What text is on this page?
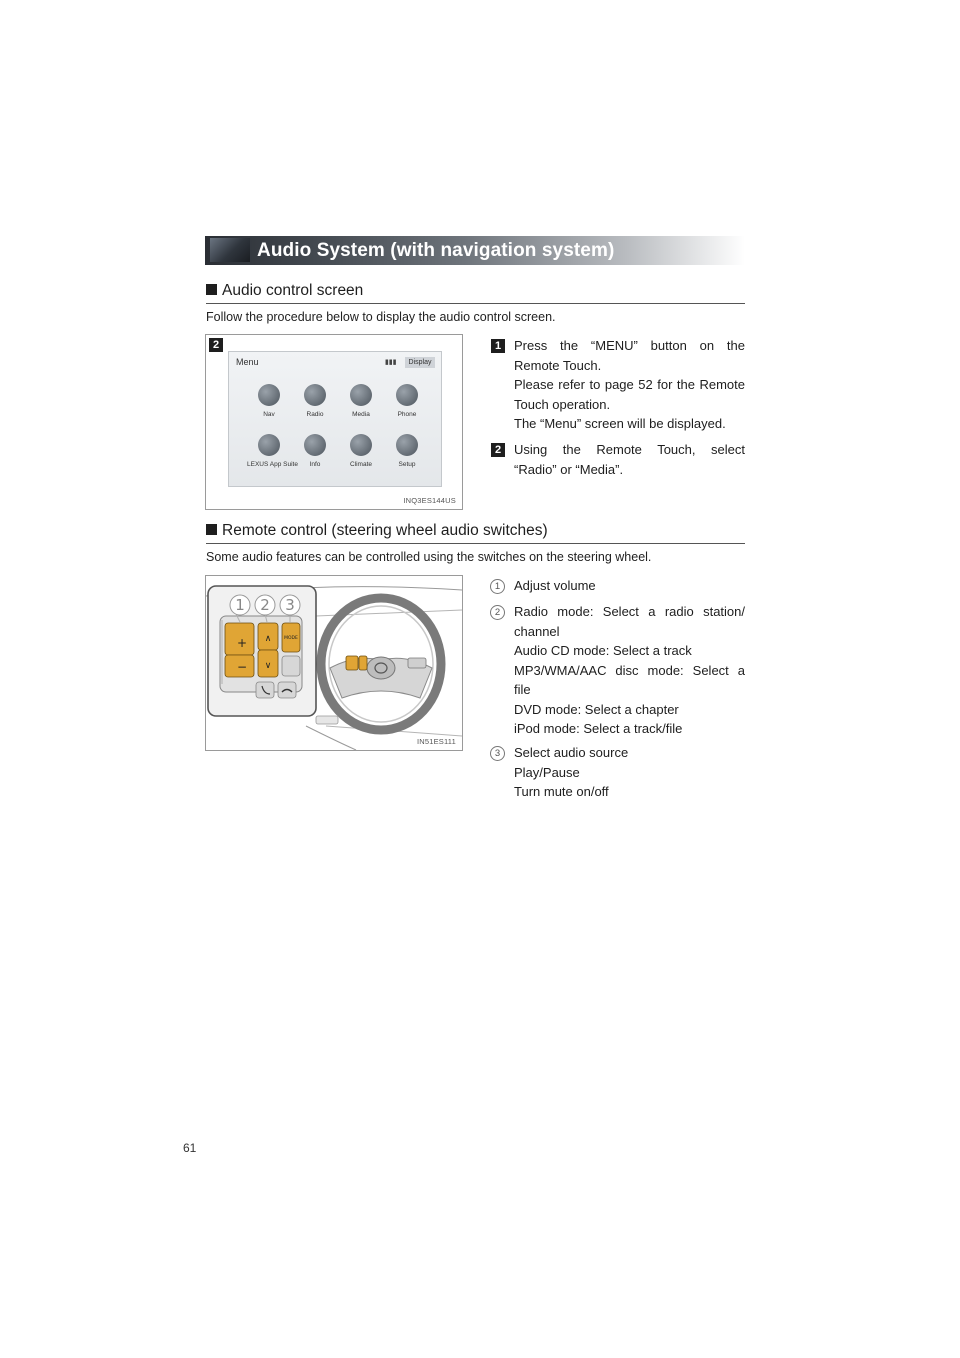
Audio System (with navigation system)
Audio control screen
Follow the procedure below to display the audio control screen.
2
Menu	▮▮▮	Display
Nav	Radio	Media	Phone
LEXUS App Suite	Info	Climate	Setup
INQ3ES144US
1 Press the “MENU” button on the
Remote Touch.
Please refer to page 52 for the Remote
Touch operation.
The “Menu” screen will be displayed.
2 Using the Remote Touch, select
“Radio” or “Media”.
Remote control (steering wheel audio switches)
Some audio features can be controlled using the switches on the steering wheel.
+
−
∧
∨
MODE
1 2 3
IN51ES111
1	Adjust volume
2	Radio mode: Select a radio station/
channel
Audio CD mode: Select a track
MP3/WMA/AAC disc mode: Select a
file
DVD mode: Select a chapter
iPod mode: Select a track/file
3	Select audio source
Play/Pause
Turn mute on/off
61
